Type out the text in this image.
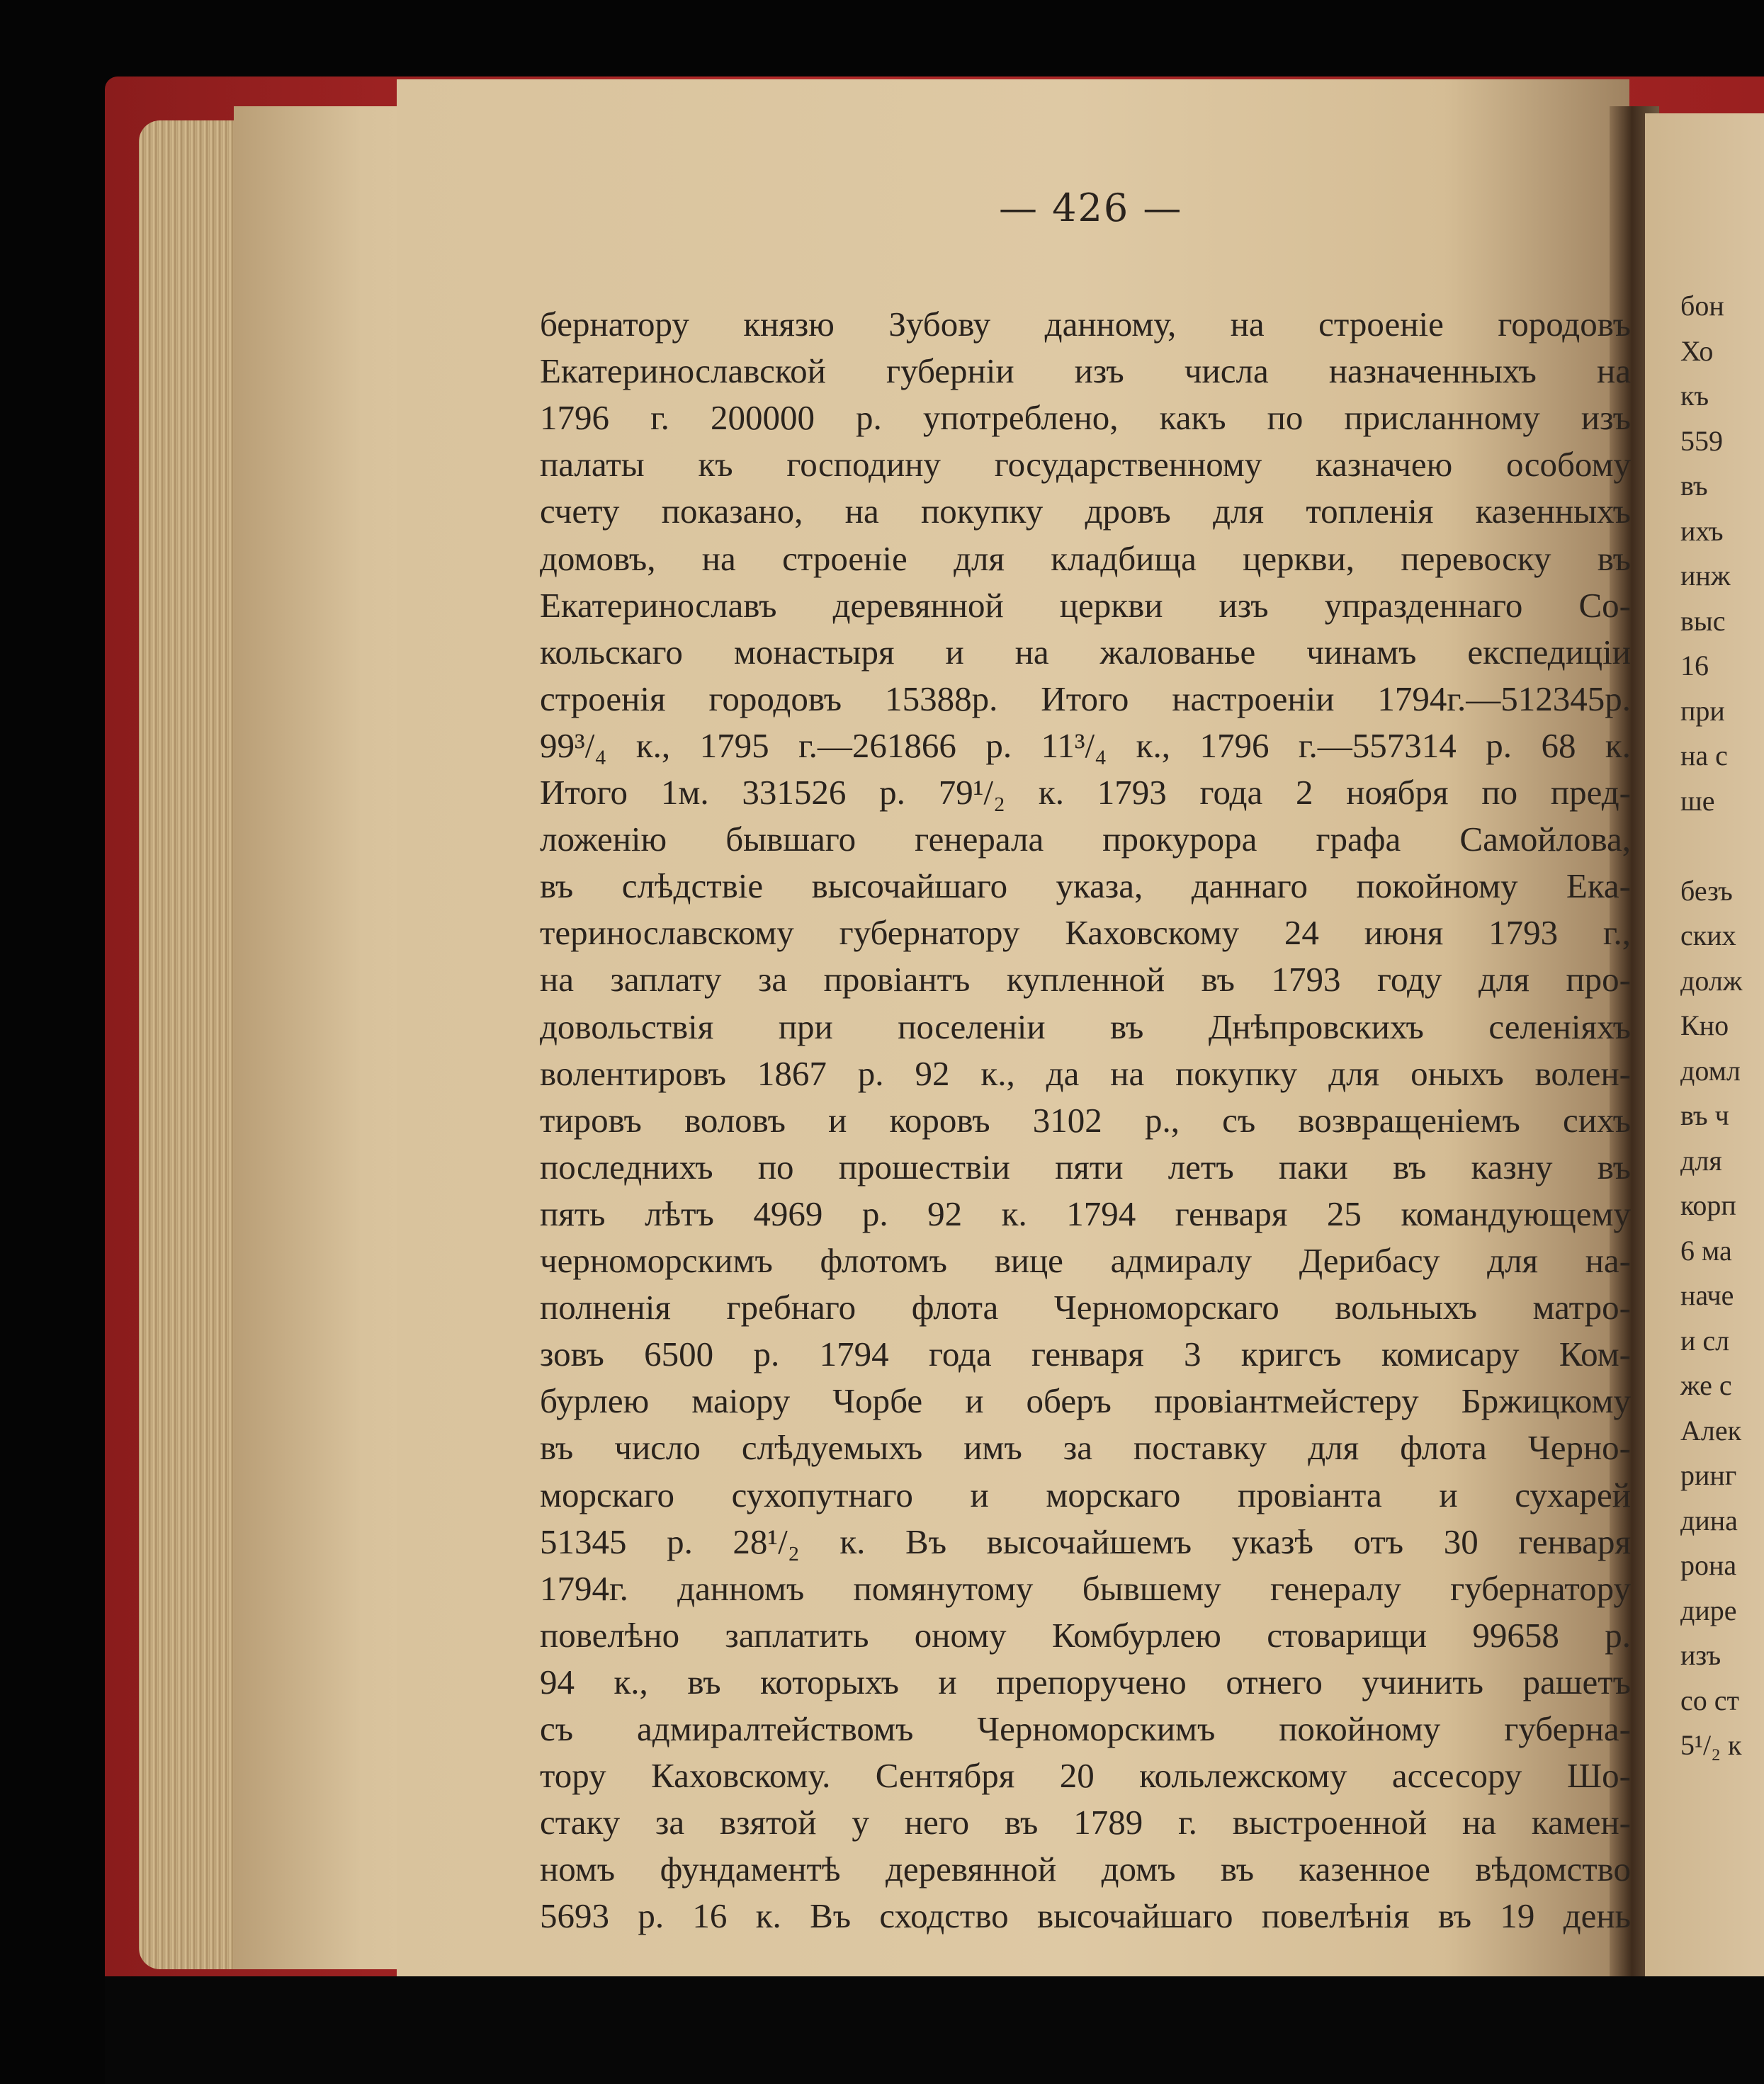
— 426 —
бернатору князю Зубову данному, на строеніе городовъ
Екатеринославской губерніи изъ числа назначенныхъ на
1796 г. 200000 р. употреблено, какъ по присланному изъ
палаты къ господину государственному казначею особому
счету показано, на покупку дровъ для топленія казенныхъ
домовъ, на строеніе для кладбища церкви, перевоску въ
Екатеринославъ деревянной церкви изъ упразденнаго Со-
кольскаго монастыря и на жалованье чинамъ експедиціи
строенія городовъ 15388р. Итого настроеніи 1794г.—512345р.
99³/₄ к., 1795 г.—261866 р. 11³/₄ к., 1796 г.—557314 р. 68 к.
Итого 1м. 331526 р. 79¹/₂ к. 1793 года 2 ноября по пред-
ложенію бывшаго генерала прокурора графа Самойлова,
въ слѣдствіе высочайшаго указа, даннаго покойному Ека-
теринославскому губернатору Каховскому 24 июня 1793 г.,
на заплату за провіантъ купленной въ 1793 году для про-
довольствія при поселеніи въ Днѣпровскихъ селеніяхъ
волентировъ 1867 р. 92 к., да на покупку для оныхъ волен-
тировъ воловъ и коровъ 3102 р., съ возвращеніемъ сихъ
последнихъ по прошествіи пяти летъ паки въ казну въ
пять лѣтъ 4969 р. 92 к. 1794 генваря 25 командующему
черноморскимъ флотомъ вице адмиралу Дерибасу для на-
полненія гребнаго флота Черноморскаго вольныхъ матро-
зовъ 6500 р. 1794 года генваря 3 кригсъ комисару Ком-
бурлею маіору Чорбе и оберъ провіантмейстеру Бржицкому
въ число слѣдуемыхъ имъ за поставку для флота Черно-
морскаго сухопутнаго и морскаго провіанта и сухарей
51345 р. 28¹/₂ к. Въ высочайшемъ указѣ отъ 30 генваря
1794г. данномъ помянутому бывшему генералу губернатору
повелѣно заплатить оному Комбурлею стоварищи 99658 р.
94 к., въ которыхъ и препоручено отнего учинить рашетъ
съ адмиралтействомъ Черноморскимъ покойному губерна-
тору Каховскому. Сентября 20 кольлежскому ассесору Шо-
стаку за взятой у него въ 1789 г. выстроенной на камен-
номъ фундаментѣ деревянной домъ въ казенное вѣдомство
5693 р. 16 к. Въ сходство высочайшаго повелѣнія въ 19 день
бон
Хо
къ
559
въ
ихъ
инж
выс
16
при
на с
ше
безъ
ских
долж
Кно
домл
въ ч
для
корп
6 ма
наче
и сл
же с
Алек
ринг
дина
рона
дире
изъ
со ст
5¹/₂ к
